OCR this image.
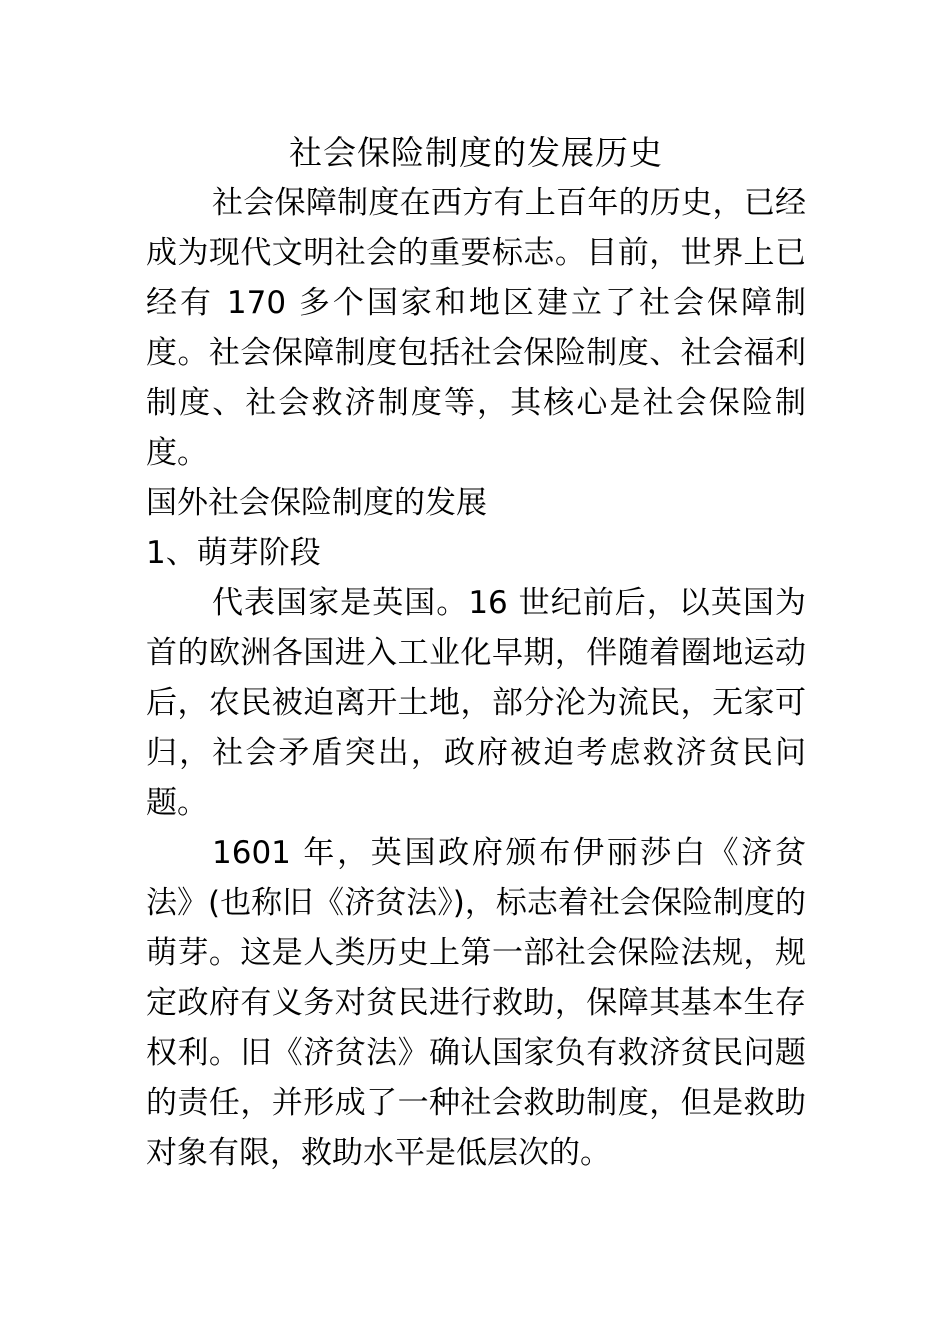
社会保险制度的发展历史

社会保障制度在西方有上百年的历史，已经成为现代文明社会的重要标志。目前，世界上已经有 170 多个国家和地区建立了社会保障制度。社会保障制度包括社会保险制度、社会福利制度、社会救济制度等，其核心是社会保险制度。

国外社会保险制度的发展

1、萌芽阶段

代表国家是英国。16 世纪前后，以英国为首的欧洲各国进入工业化早期，伴随着圈地运动后，农民被迫离开土地，部分沦为流民，无家可归，社会矛盾突出，政府被迫考虑救济贫民问题。

1601 年，英国政府颁布伊丽莎白《济贫法》(也称旧《济贫法》)，标志着社会保险制度的萌芽。这是人类历史上第一部社会保险法规，规定政府有义务对贫民进行救助，保障其基本生存权利。旧《济贫法》确认国家负有救济贫民问题的责任，并形成了一种社会救助制度，但是救助对象有限，救助水平是低层次的。
